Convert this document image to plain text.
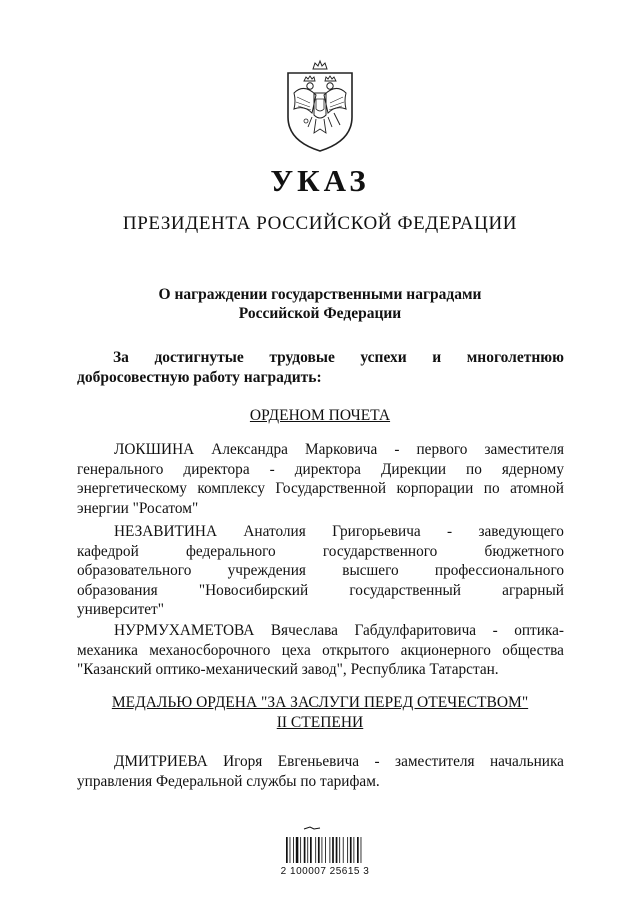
УКАЗ
ПРЕЗИДЕНТА РОССИЙСКОЙ ФЕДЕРАЦИИ
О награждении государственными наградами
Российской Федерации
За достигнутые трудовые успехи и многолетнюю
добросовестную работу наградить:
ОРДЕНОМ ПОЧЕТА
ЛОКШИНА Александра Марковича - первого заместителя
генерального директора - директора Дирекции по ядерному
энергетическому комплексу Государственной корпорации по атомной
энергии "Росатом"
НЕЗАВИТИНА Анатолия Григорьевича - заведующего
кафедрой	федерального	государственного	бюджетного
образовательного учреждения высшего профессионального
образования	"Новосибирский	государственный	аграрный
университет"
НУРМУХАМЕТОВА Вячеслава Габдулфаритовича - оптика-
механика механосборочного цеха открытого акционерного общества
"Казанский оптико-механический завод", Республика Татарстан.
МЕДАЛЬЮ ОРДЕНА "ЗА ЗАСЛУГИ ПЕРЕД ОТЕЧЕСТВОМ"
II СТЕПЕНИ
ДМИТРИЕВА Игоря Евгеньевича - заместителя начальника
управления Федеральной службы по тарифам.
2 100007 25615 3
